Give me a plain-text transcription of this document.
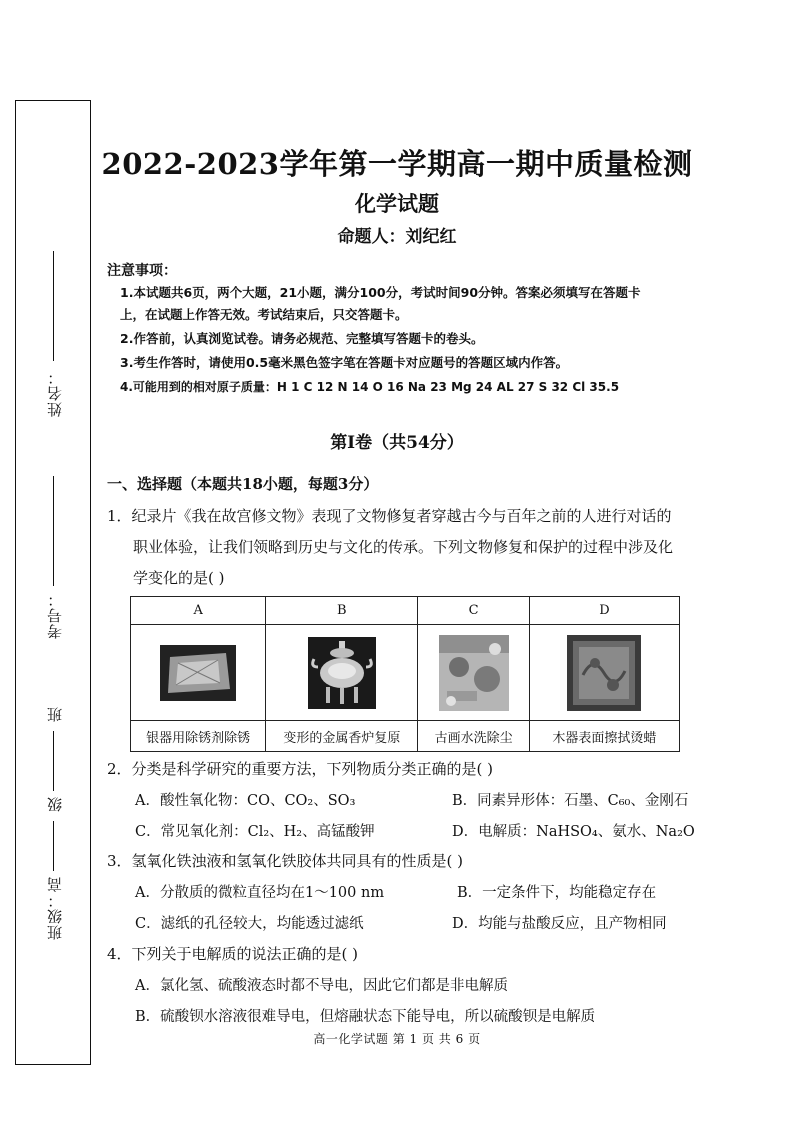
姓名：
考号：
班
级
班级：高
2022-2023学年第一学期高一期中质量检测
化学试题
命题人：刘纪红
注意事项：
1.本试题共6页，两个大题，21小题，满分100分，考试时间90分钟。答案必须填写在答题卡
上，在试题上作答无效。考试结束后，只交答题卡。
2.作答前，认真浏览试卷。请务必规范、完整填写答题卡的卷头。
3.考生作答时，请使用0.5毫米黑色签字笔在答题卡对应题号的答题区域内作答。
4.可能用到的相对原子质量：H 1 C 12 N 14 O 16 Na 23 Mg 24 AL 27 S 32 Cl 35.5
第Ⅰ卷（共54分）
一、选择题（本题共18小题，每题3分）
1．纪录片《我在故宫修文物》表现了文物修复者穿越古今与百年之前的人进行对话的
职业体验，让我们领略到历史与文化的传承。下列文物修复和保护的过程中涉及化
学变化的是( )
A	B	C	D

银器用除锈剂除锈	变形的金属香炉复原	古画水洗除尘	木器表面擦拭烫蜡
2．分类是科学研究的重要方法，下列物质分类正确的是( )
A．酸性氧化物：CO、CO₂、SO₃	B．同素异形体：石墨、C₆₀、金刚石
C．常见氧化剂：Cl₂、H₂、高锰酸钾	D．电解质：NaHSO₄、氨水、Na₂O
3．氢氧化铁浊液和氢氧化铁胶体共同具有的性质是( )
A．分散质的微粒直径均在1～100 nm	B．一定条件下，均能稳定存在
C．滤纸的孔径较大，均能透过滤纸	D．均能与盐酸反应，且产物相同
4．下列关于电解质的说法正确的是( )
A．氯化氢、硫酸液态时都不导电，因此它们都是非电解质
B．硫酸钡水溶液很难导电，但熔融状态下能导电，所以硫酸钡是电解质
高一化学试题 第 1 页 共 6 页
